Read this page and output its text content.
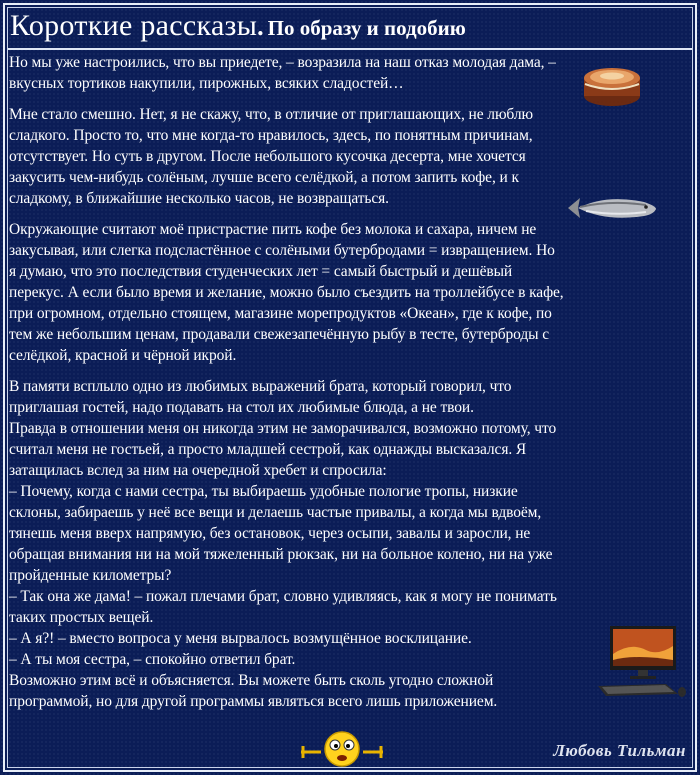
Короткие рассказы. По образу и подобию

Но мы уже настроились, что вы приедете, – возразила на наш отказ молодая дама, –
вкусных тортиков накупили, пирожных, всяких сладостей…

Мне стало смешно. Нет, я не скажу, что, в отличие от приглашающих, не люблю
сладкого. Просто то, что мне когда-то нравилось, здесь, по понятным причинам,
отсутствует. Но суть в другом. После небольшого кусочка десерта, мне хочется
закусить чем-нибудь солёным, лучше всего селёдкой, а потом запить кофе, и к
сладкому, в ближайшие несколько часов, не возвращаться.

Окружающие считают моё пристрастие пить кофе без молока и сахара, ничем не
закусывая, или слегка подсластённое с солёными бутербродами = извращением. Но
я думаю, что это последствия студенческих лет = самый быстрый и дешёвый
перекус. А если было время и желание, можно было съездить на троллейбусе в кафе,
при огромном, отдельно стоящем, магазине морепродуктов «Океан», где к кофе, по
тем же небольшим ценам, продавали свежезапечённую рыбу в тесте, бутерброды с
селёдкой, красной и чёрной икрой.

В памяти всплыло одно из любимых выражений брата, который говорил, что
приглашая гостей, надо подавать на стол их любимые блюда, а не твои.
Правда в отношении меня он никогда этим не заморачивался, возможно потому, что
считал меня не гостьей, а просто младшей сестрой, как однажды высказался. Я
затащилась вслед за ним на очередной хребет и спросила:
– Почему, когда с нами сестра, ты выбираешь удобные пологие тропы, низкие
склоны, забираешь у неё все вещи и делаешь частые привалы, а когда мы вдвоём,
тянешь меня вверх напрямую, без остановок, через осыпи, завалы и заросли, не
обращая внимания ни на мой тяжеленный рюкзак, ни на больное колено, ни на уже
пройденные километры?
– Так она же дама! – пожал плечами брат, словно удивляясь, как я могу не понимать
таких простых вещей.
– А я?! – вместо вопроса у меня вырвалось возмущённое восклицание.
– А ты моя сестра, – спокойно ответил брат.
Возможно этим всё и объясняется. Вы можете быть сколь угодно сложной
программой, но для другой программы являться всего лишь приложением.

Любовь Тильман
